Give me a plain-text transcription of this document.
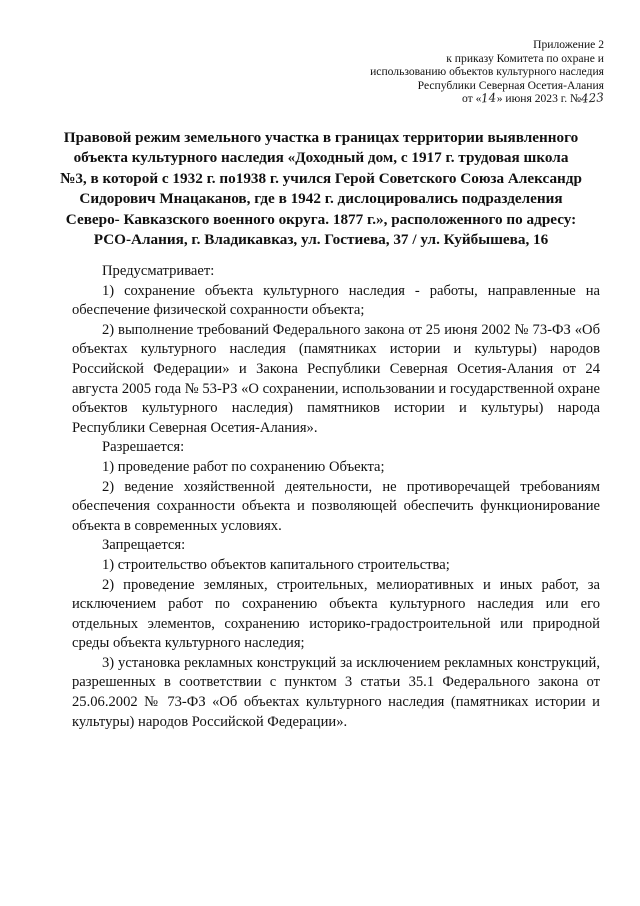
Приложение 2
к приказу Комитета по охране и
использованию объектов культурного наследия
Республики Северная Осетия-Алания
от «14» июня 2023 г. №423
Правовой режим земельного участка в границах территории выявленного
объекта культурного наследия «Доходный дом, с 1917 г. трудовая школа
№3, в которой с 1932 г. по1938 г. учился Герой Советского Союза Александр
Сидорович Мнацаканов, где в 1942 г. дислоцировались подразделения
Северо- Кавказского военного округа. 1877 г.», расположенного по адресу:
РСО-Алания, г. Владикавказ, ул. Гостиева, 37 / ул. Куйбышева, 16

Предусматривает:

1) сохранение объекта культурного наследия - работы, направленные на обеспечение физической сохранности объекта;

2) выполнение требований Федерального закона от 25 июня 2002 № 73-ФЗ «Об объектах культурного наследия (памятниках истории и культуры) народов Российской Федерации» и Закона Республики Северная Осетия-Алания от 24 августа 2005 года № 53-РЗ «О сохранении, использовании и государственной охране объектов культурного наследия) памятников истории и культуры) народа Республики Северная Осетия-Алания».

Разрешается:

1) проведение работ по сохранению Объекта;

2) ведение хозяйственной деятельности, не противоречащей требованиям обеспечения сохранности объекта и позволяющей обеспечить функционирование объекта в современных условиях.

Запрещается:

1) строительство объектов капитального строительства;

2) проведение земляных, строительных, мелиоративных и иных работ, за исключением работ по сохранению объекта культурного наследия или его отдельных элементов, сохранению историко-градостроительной или природной среды объекта культурного наследия;

3) установка рекламных конструкций за исключением рекламных конструкций, разрешенных в соответствии с пунктом 3 статьи 35.1 Федерального закона от 25.06.2002 № 73-ФЗ «Об объектах культурного наследия (памятниках истории и культуры) народов Российской Федерации».
